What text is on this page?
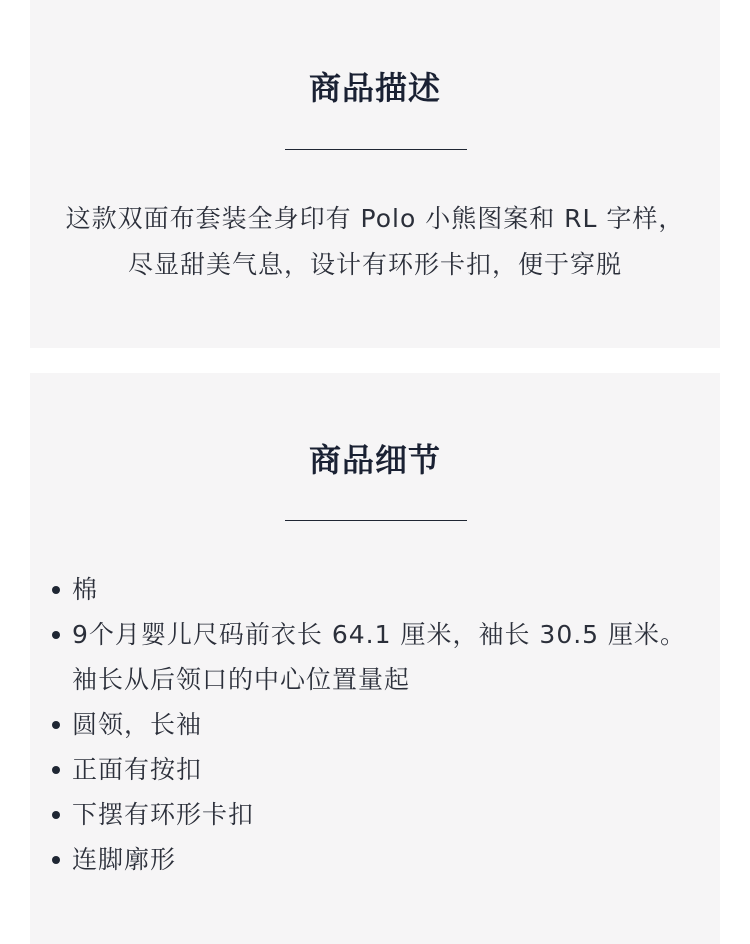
商品描述

这款双面布套装全身印有 Polo 小熊图案和 RL 字样，尽显甜美气息，设计有环形卡扣，便于穿脱

商品细节
棉
9个月婴儿尺码前衣长 64.1 厘米，袖长 30.5 厘米。袖长从后领口的中心位置量起
圆领，长袖
正面有按扣
下摆有环形卡扣
连脚廓形
